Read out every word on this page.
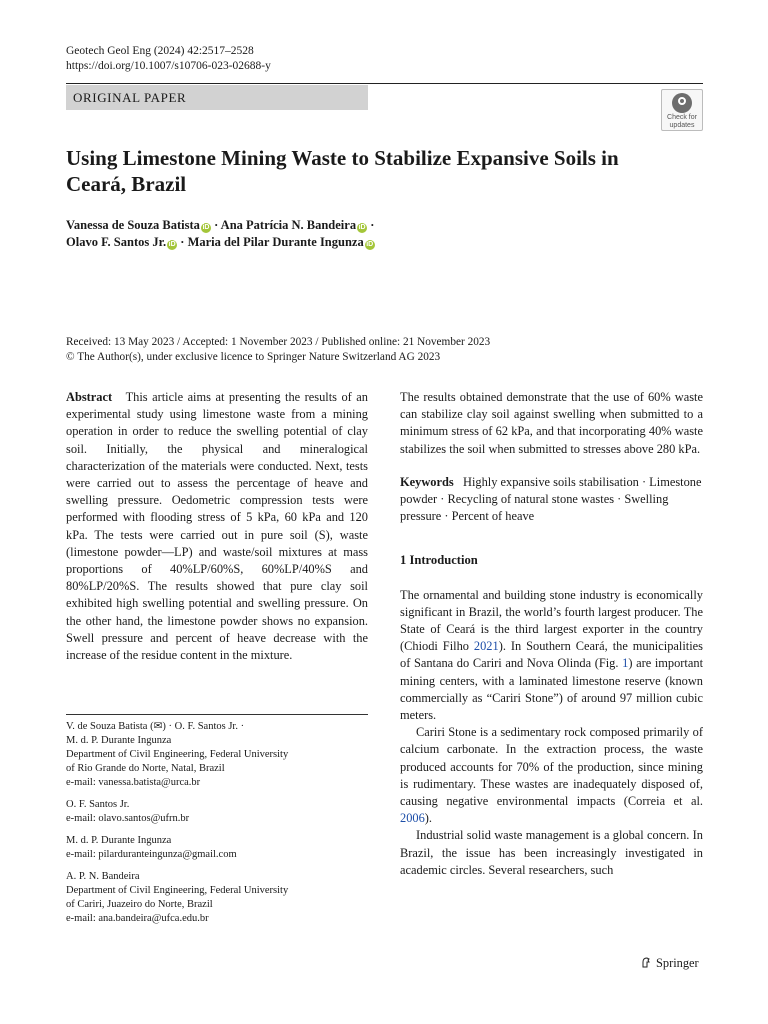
Geotech Geol Eng (2024) 42:2517–2528
https://doi.org/10.1007/s10706-023-02688-y
ORIGINAL PAPER
Check for
updates
Using Limestone Mining Waste to Stabilize Expansive Soils in Ceará, Brazil
Vanessa de Souza Batista iD · Ana Patrícia N. Bandeira iD ·
Olavo F. Santos Jr. iD · Maria del Pilar Durante Ingunza iD
Received: 13 May 2023 / Accepted: 1 November 2023 / Published online: 21 November 2023
© The Author(s), under exclusive licence to Springer Nature Switzerland AG 2023

Abstract This article aims at presenting the results of an experimental study using limestone waste from a mining operation in order to reduce the swelling potential of clay soil. Initially, the physical and mineralogical characterization of the materials were conducted. Next, tests were carried out to assess the percentage of heave and swelling pressure. Oedometric compression tests were performed with flooding stress of 5 kPa, 60 kPa and 120 kPa. The tests were carried out in pure soil (S), waste (limestone powder—LP) and waste/soil mixtures at mass proportions of 40%LP/60%S, 60%LP/40%S and 80%LP/20%S. The results showed that pure clay soil exhibited high swelling potential and swelling pressure. On the other hand, the limestone powder shows no expansion. Swell pressure and percent of heave decrease with the increase of the residue content in the mixture.

V. de Souza Batista (✉) · O. F. Santos Jr. ·
M. d. P. Durante Ingunza
Department of Civil Engineering, Federal University
of Rio Grande do Norte, Natal, Brazil
e-mail: vanessa.batista@urca.br
O. F. Santos Jr.
e-mail: olavo.santos@ufrn.br
M. d. P. Durante Ingunza
e-mail: pilarduranteingunza@gmail.com
A. P. N. Bandeira
Department of Civil Engineering, Federal University
of Cariri, Juazeiro do Norte, Brazil
e-mail: ana.bandeira@ufca.edu.br

The results obtained demonstrate that the use of 60% waste can stabilize clay soil against swelling when submitted to a minimum stress of 62 kPa, and that incorporating 40% waste stabilizes the soil when submitted to stresses above 280 kPa.

Keywords Highly expansive soils stabilisation · Limestone powder · Recycling of natural stone wastes · Swelling pressure · Percent of heave

1 Introduction

The ornamental and building stone industry is economically significant in Brazil, the world’s fourth largest producer. The State of Ceará is the third largest exporter in the country (Chiodi Filho 2021). In Southern Ceará, the municipalities of Santana do Cariri and Nova Olinda (Fig. 1) are important mining centers, with a laminated limestone reserve (known commercially as “Cariri Stone”) of around 97 million cubic meters.

Cariri Stone is a sedimentary rock composed primarily of calcium carbonate. In the extraction process, the waste produced accounts for 70% of the production, since mining is rudimentary. These wastes are inadequately disposed of, causing negative environmental impacts (Correia et al. 2006).

Industrial solid waste management is a global concern. In Brazil, the issue has been increasingly investigated in academic circles. Several researchers, such

Springer
